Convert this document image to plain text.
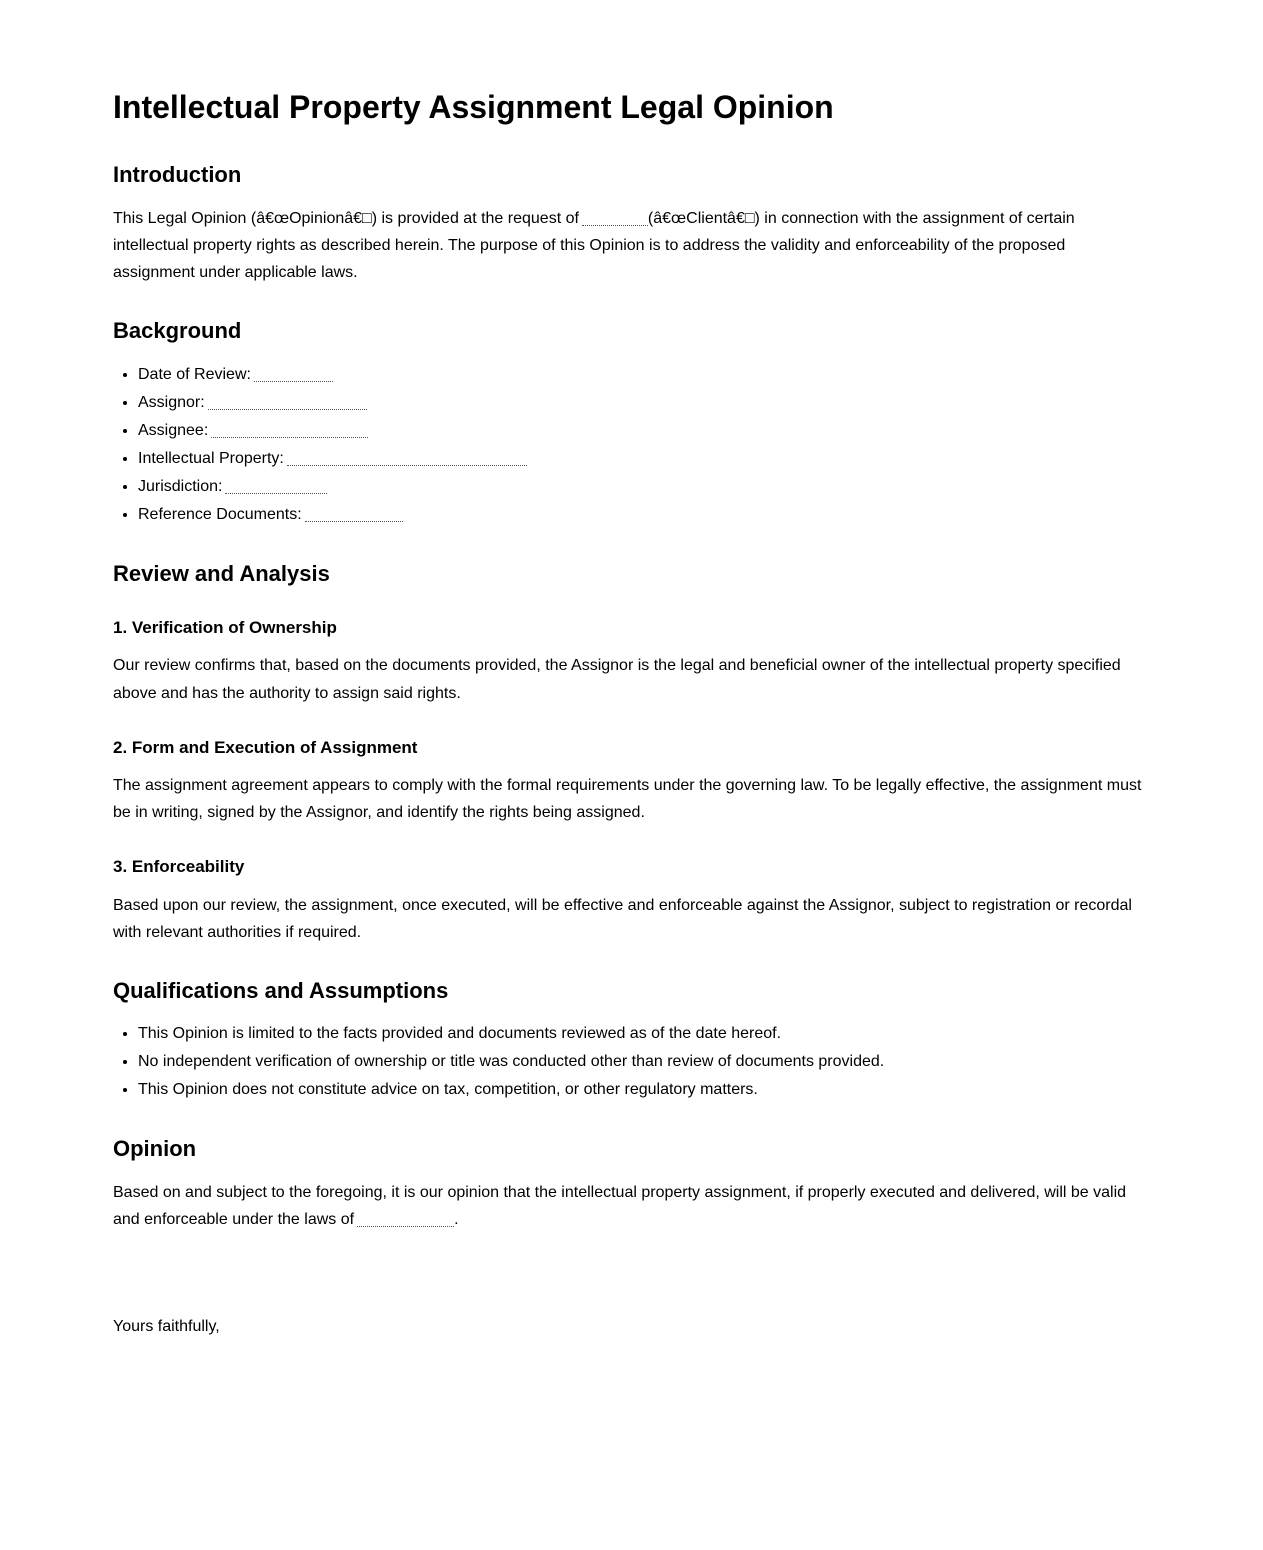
Intellectual Property Assignment Legal Opinion
Introduction

This Legal Opinion (â€œOpinionâ€□) is provided at the request of	(â€œClientâ€□) in connection with the assignment of certain intellectual property rights as described herein. The purpose of this Opinion is to address the validity and enforceability of the proposed assignment under applicable laws.

Background
• Date of Review:
• Assignor:
• Assignee:
• Intellectual Property:
• Jurisdiction:
• Reference Documents:
Review and Analysis
1. Verification of Ownership

Our review confirms that, based on the documents provided, the Assignor is the legal and beneficial owner of the intellectual property specified above and has the authority to assign said rights.

2. Form and Execution of Assignment

The assignment agreement appears to comply with the formal requirements under the governing law. To be legally effective, the assignment must be in writing, signed by the Assignor, and identify the rights being assigned.

3. Enforceability

Based upon our review, the assignment, once executed, will be effective and enforceable against the Assignor, subject to registration or recordal with relevant authorities if required.

Qualifications and Assumptions
• This Opinion is limited to the facts provided and documents reviewed as of the date hereof.
• No independent verification of ownership or title was conducted other than review of documents provided.
• This Opinion does not constitute advice on tax, competition, or other regulatory matters.
Opinion

Based on and subject to the foregoing, it is our opinion that the intellectual property assignment, if properly executed and delivered, will be valid and enforceable under the laws of	.

Yours faithfully,
